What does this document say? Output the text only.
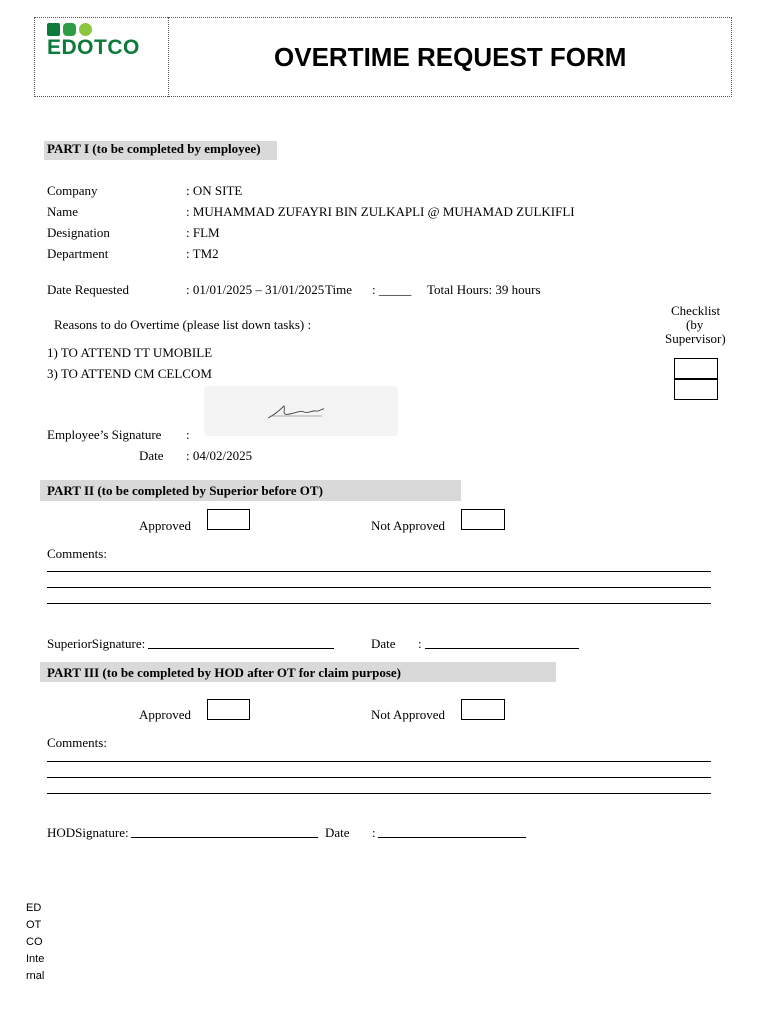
EDOTCO	OVERTIME REQUEST FORM
PART I (to be completed by employee)
Company	: ON SITE
Name	: MUHAMMAD ZUFAYRI BIN ZULKAPLI @ MUHAMAD ZULKIFLI
Designation	: FLM
Department	: TM2
Date Requested	: 01/01/2025 – 31/01/2025 Time : _____ Total Hours: 39 hours
Checklist
(by
Supervisor)
Reasons to do Overtime (please list down tasks) :
1) TO ATTEND TT UMOBILE
3) TO ATTEND CM CELCOM
Employee’s Signature :
Date : 04/02/2025
PART II (to be completed by Superior before OT)
Approved	Not Approved
Comments:
SuperiorSignature:	Date :
PART III (to be completed by HOD after OT for claim purpose)
Approved	Not Approved
Comments:
HODSignature:	Date :
EDOTCO Internal
